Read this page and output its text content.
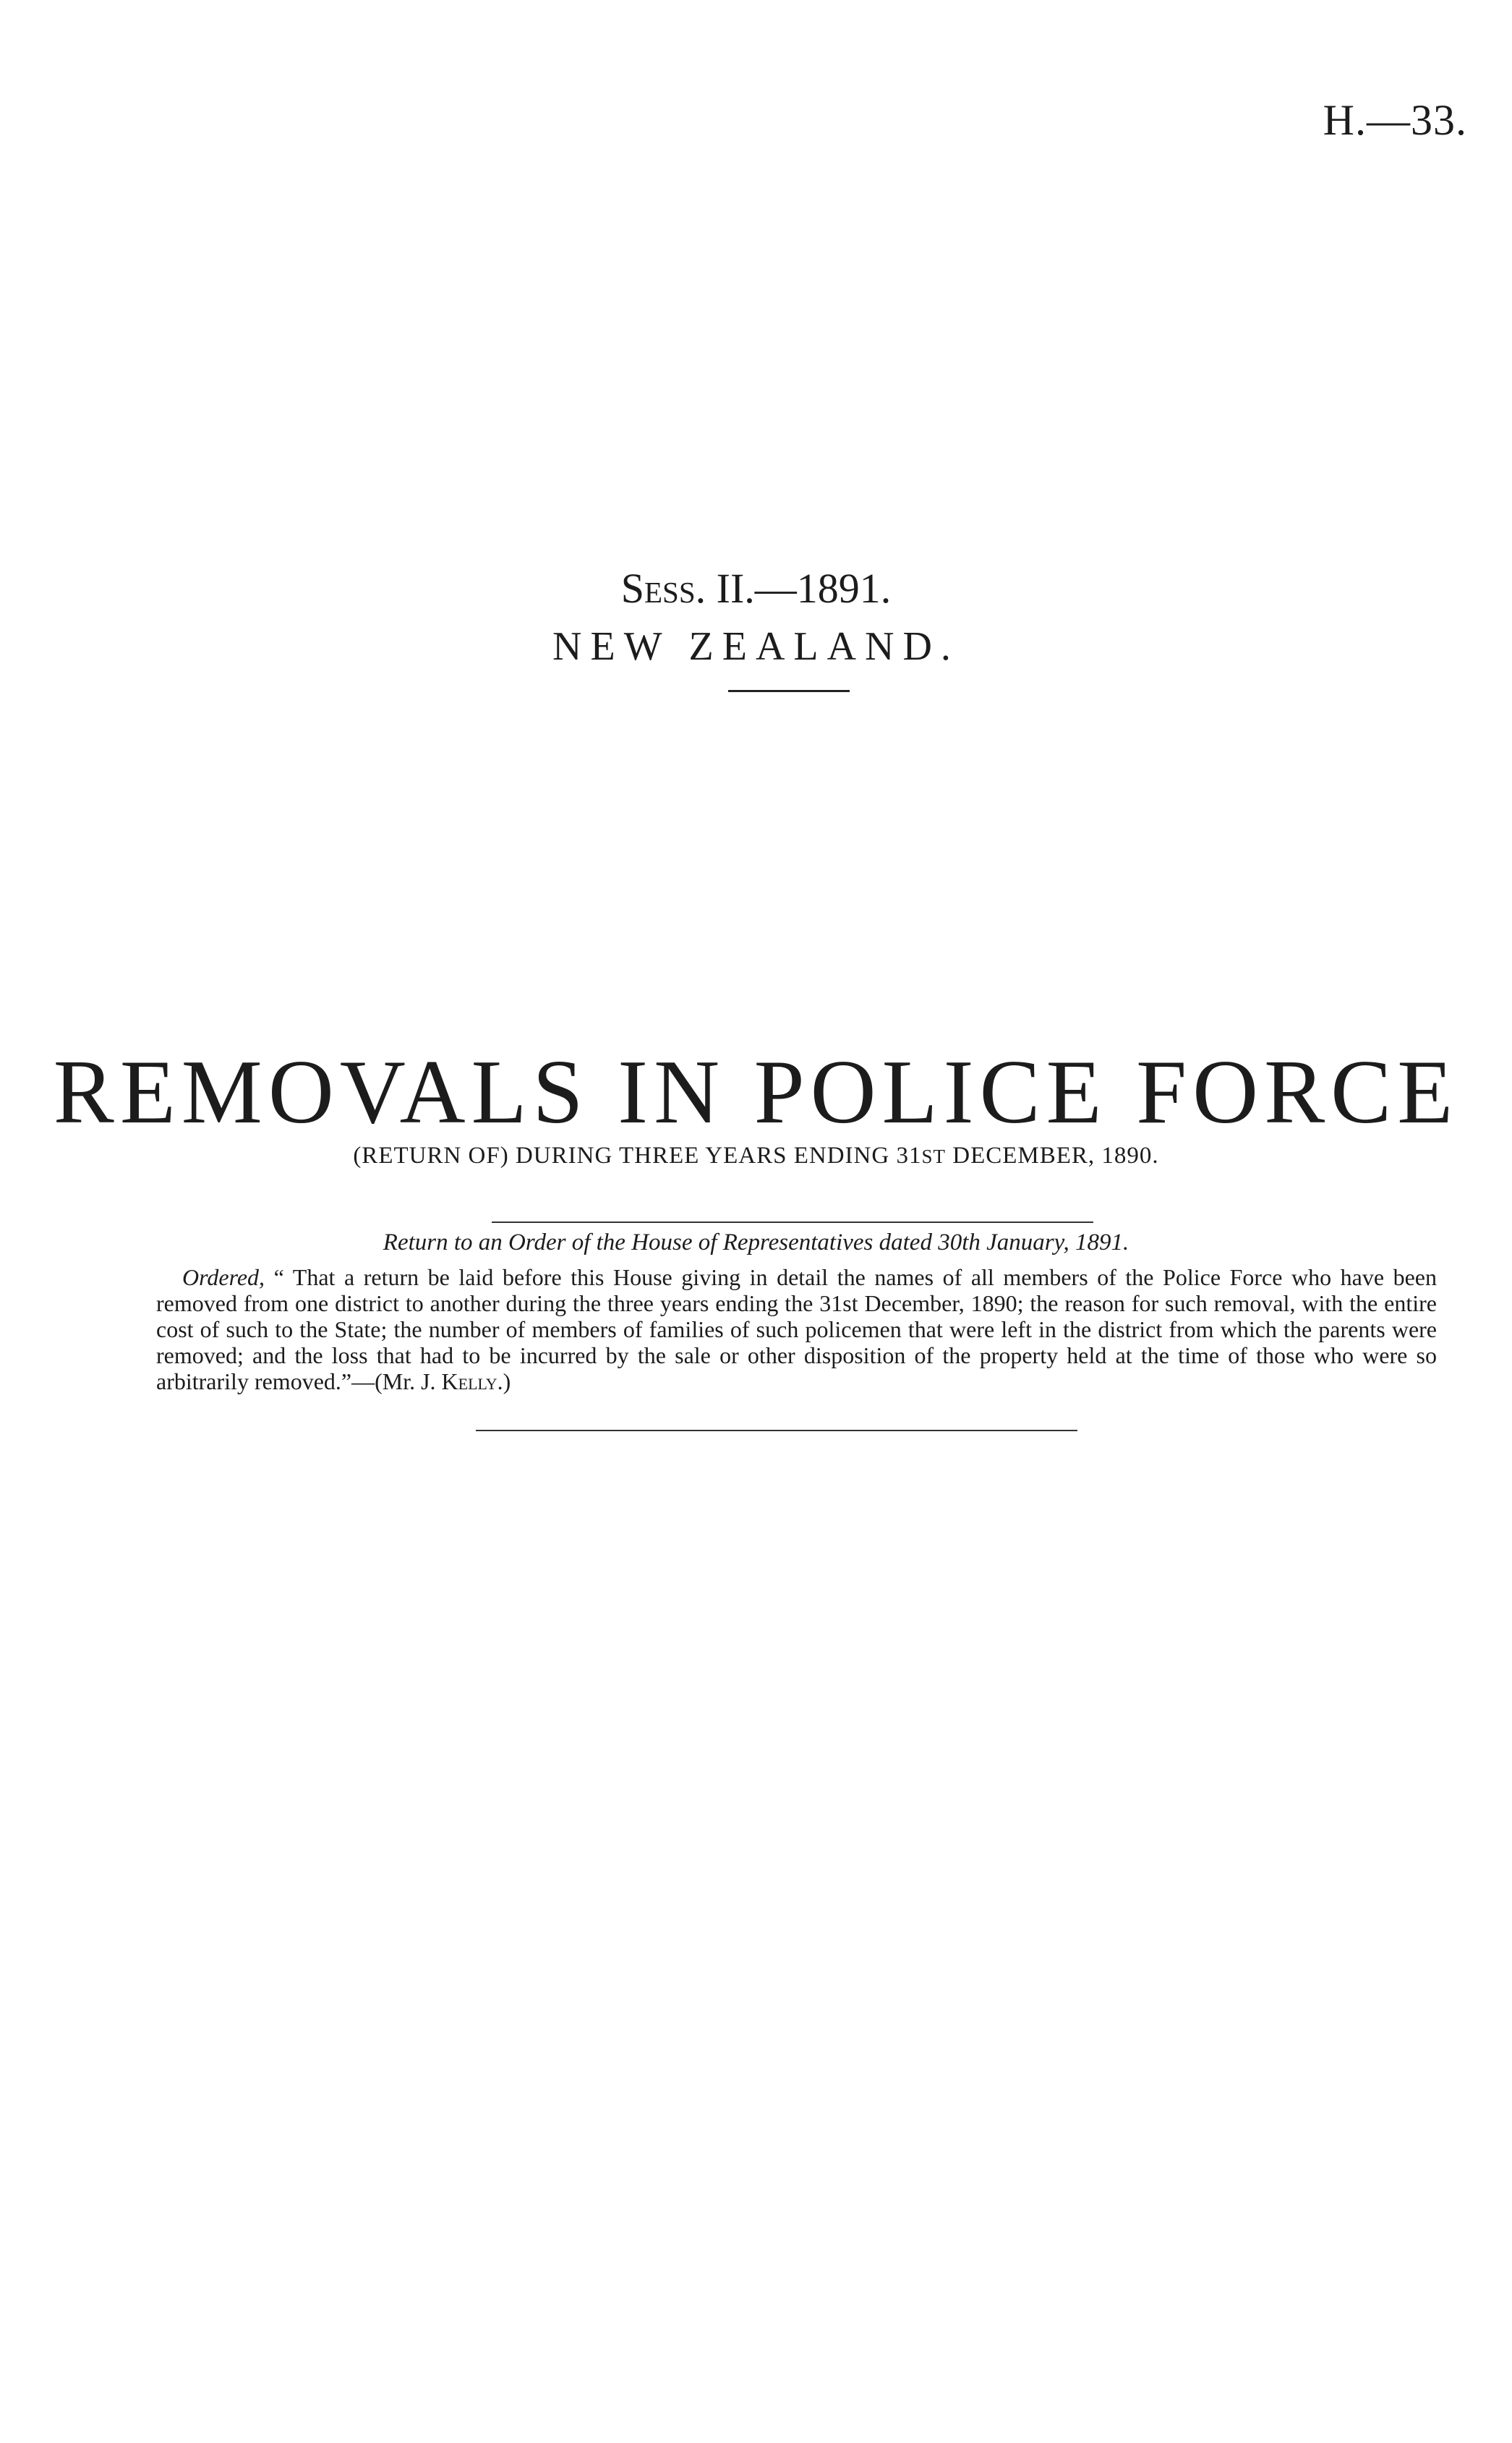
H.—33.
Sess. II.—1891.
NEW ZEALAND.
REMOVALS IN POLICE FORCE
(RETURN OF) DURING THREE YEARS ENDING 31ST DECEMBER, 1890.
Return to an Order of the House of Representatives dated 30th January, 1891.

Ordered, “ That a return be laid before this House giving in detail the names of all members of the Police Force who have been removed from one district to another during the three years ending the 31st December, 1890; the reason for such removal, with the entire cost of such to the State; the number of members of families of such policemen that were left in the district from which the parents were removed; and the loss that had to be incurred by the sale or other disposition of the property held at the time of those who were so arbitrarily removed.”—(Mr. J. Kelly.)
